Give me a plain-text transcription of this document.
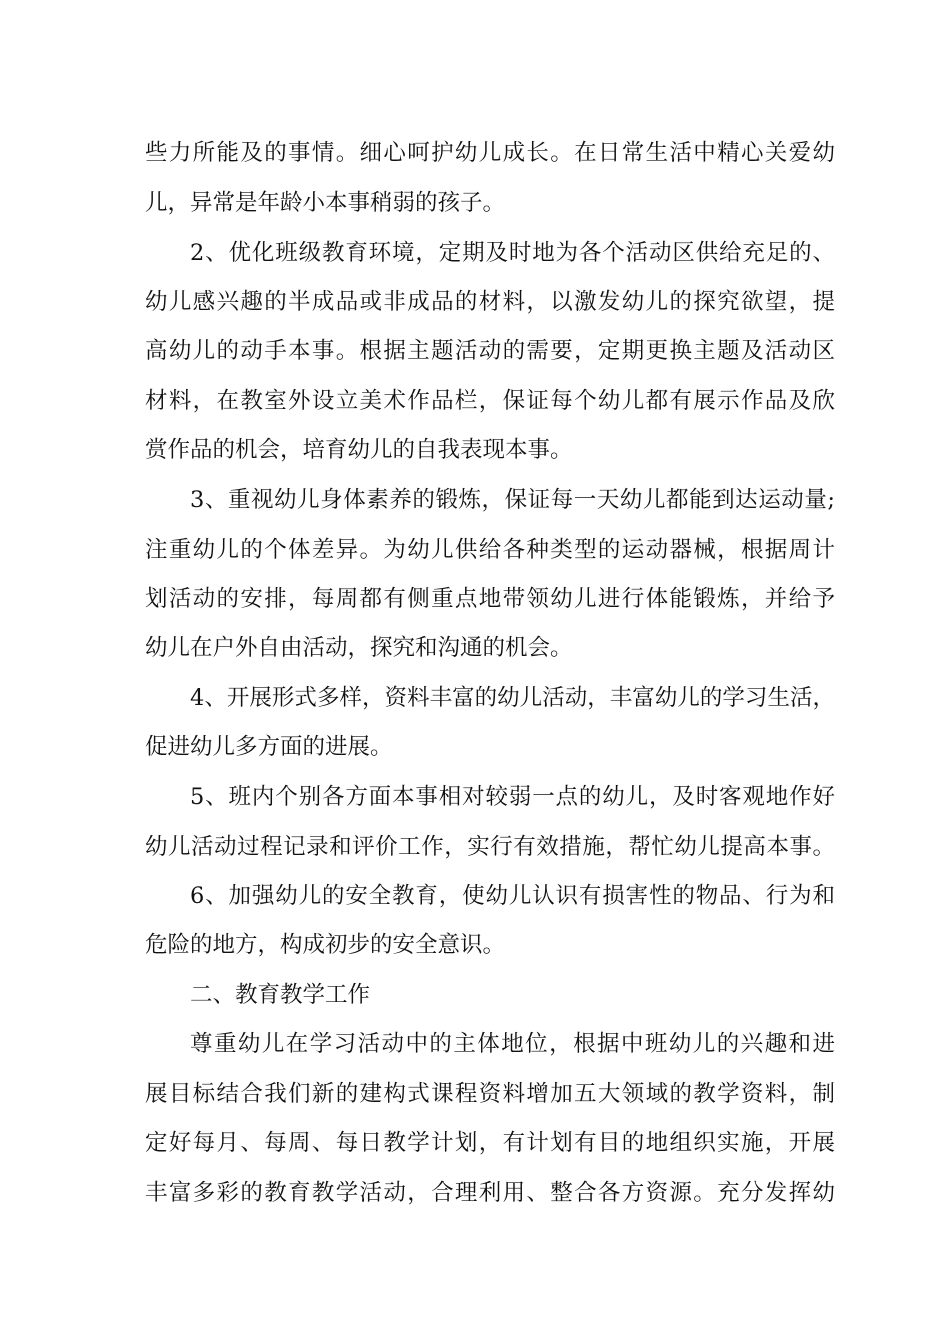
些力所能及的事情。细心呵护幼儿成长。在日常生活中精心关爱幼
儿，异常是年龄小本事稍弱的孩子。
2、优化班级教育环境，定期及时地为各个活动区供给充足的、
幼儿感兴趣的半成品或非成品的材料，以激发幼儿的探究欲望，提
高幼儿的动手本事。根据主题活动的需要，定期更换主题及活动区
材料，在教室外设立美术作品栏，保证每个幼儿都有展示作品及欣
赏作品的机会，培育幼儿的自我表现本事。
3、重视幼儿身体素养的锻炼，保证每一天幼儿都能到达运动量;
注重幼儿的个体差异。为幼儿供给各种类型的运动器械，根据周计
划活动的安排，每周都有侧重点地带领幼儿进行体能锻炼，并给予
幼儿在户外自由活动，探究和沟通的机会。
4、开展形式多样，资料丰富的幼儿活动，丰富幼儿的学习生活，
促进幼儿多方面的进展。
5、班内个别各方面本事相对较弱一点的幼儿，及时客观地作好
幼儿活动过程记录和评价工作，实行有效措施，帮忙幼儿提高本事。
6、加强幼儿的安全教育，使幼儿认识有损害性的物品、行为和
危险的地方，构成初步的安全意识。
二、教育教学工作
尊重幼儿在学习活动中的主体地位，根据中班幼儿的兴趣和进
展目标结合我们新的建构式课程资料增加五大领域的教学资料，制
定好每月、每周、每日教学计划，有计划有目的地组织实施，开展
丰富多彩的教育教学活动，合理利用、整合各方资源。充分发挥幼
